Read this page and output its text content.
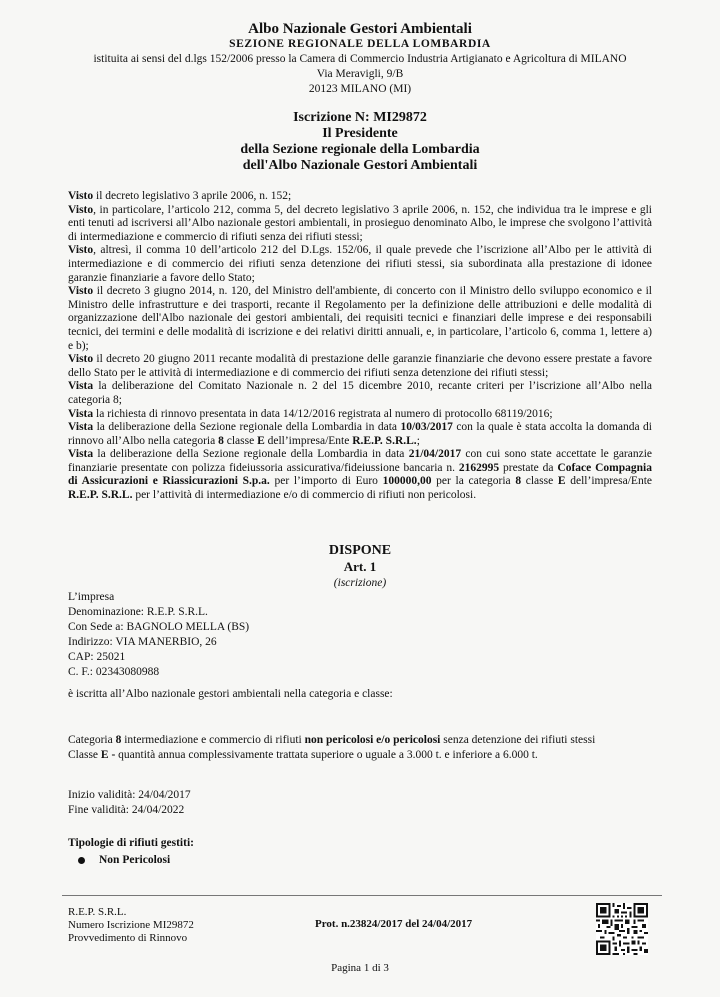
Albo Nazionale Gestori Ambientali
SEZIONE REGIONALE DELLA LOMBARDIA
istituita ai sensi del d.lgs 152/2006 presso la Camera di Commercio Industria Artigianato e Agricoltura di MILANO
Via Meravigli, 9/B
20123 MILANO (MI)
Iscrizione N: MI29872
Il Presidente
della Sezione regionale della Lombardia
dell'Albo Nazionale Gestori Ambientali

Visto il decreto legislativo 3 aprile 2006, n. 152;

Visto, in particolare, l’articolo 212, comma 5, del decreto legislativo 3 aprile 2006, n. 152, che individua tra le imprese e gli enti tenuti ad iscriversi all’Albo nazionale gestori ambientali, in prosieguo denominato Albo, le imprese che svolgono l’attività di intermediazione e commercio di rifiuti senza dei rifiuti stessi;

Visto, altresì, il comma 10 dell’articolo 212 del D.Lgs. 152/06, il quale prevede che l’iscrizione all’Albo per le attività di intermediazione e di commercio dei rifiuti senza detenzione dei rifiuti stessi, sia subordinata alla prestazione di idonee garanzie finanziarie a favore dello Stato;

Visto il decreto 3 giugno 2014, n. 120, del Ministro dell'ambiente, di concerto con il Ministro dello sviluppo economico e il Ministro delle infrastrutture e dei trasporti, recante il Regolamento per la definizione delle attribuzioni e delle modalità di organizzazione dell'Albo nazionale dei gestori ambientali, dei requisiti tecnici e finanziari delle imprese e dei responsabili tecnici, dei termini e delle modalità di iscrizione e dei relativi diritti annuali, e, in particolare, l’articolo 6, comma 1, lettere a) e b);

Visto il decreto 20 giugno 2011 recante modalità di prestazione delle garanzie finanziarie che devono essere prestate a favore dello Stato per le attività di intermediazione e di commercio dei rifiuti senza detenzione dei rifiuti stessi;

Vista la deliberazione del Comitato Nazionale n. 2 del 15 dicembre 2010, recante criteri per l’iscrizione all’Albo nella categoria 8;

Vista la richiesta di rinnovo presentata in data 14/12/2016 registrata al numero di protocollo 68119/2016;

Vista la deliberazione della Sezione regionale della Lombardia in data 10/03/2017 con la quale è stata accolta la domanda di rinnovo all’Albo nella categoria 8 classe E dell’impresa/Ente R.E.P. S.R.L.;

Vista la deliberazione della Sezione regionale della Lombardia in data 21/04/2017 con cui sono state accettate le garanzie finanziarie presentate con polizza fideiussoria assicurativa/fideiussione bancaria n. 2162995 prestate da Coface Compagnia di Assicurazioni e Riassicurazioni S.p.a. per l’importo di Euro 100000,00 per la categoria 8 classe E dell’impresa/Ente R.E.P. S.R.L. per l’attività di intermediazione e/o di commercio di rifiuti non pericolosi.

DISPONE
Art. 1
(iscrizione)
L’impresa
Denominazione: R.E.P. S.R.L.
Con Sede a: BAGNOLO MELLA (BS)
Indirizzo: VIA MANERBIO, 26
CAP: 25021
C. F.: 02343080988
è iscritta all’Albo nazionale gestori ambientali nella categoria e classe:
Categoria 8 intermediazione e commercio di rifiuti non pericolosi e/o pericolosi senza detenzione dei rifiuti stessi
Classe E - quantità annua complessivamente trattata superiore o uguale a 3.000 t. e inferiore a 6.000 t.
Inizio validità: 24/04/2017
Fine validità: 24/04/2022
Tipologie di rifiuti gestiti:
Non Pericolosi
R.E.P. S.R.L.
Numero Iscrizione MI29872
Provvedimento di Rinnovo
Prot. n.23824/2017 del 24/04/2017
Pagina 1 di 3
